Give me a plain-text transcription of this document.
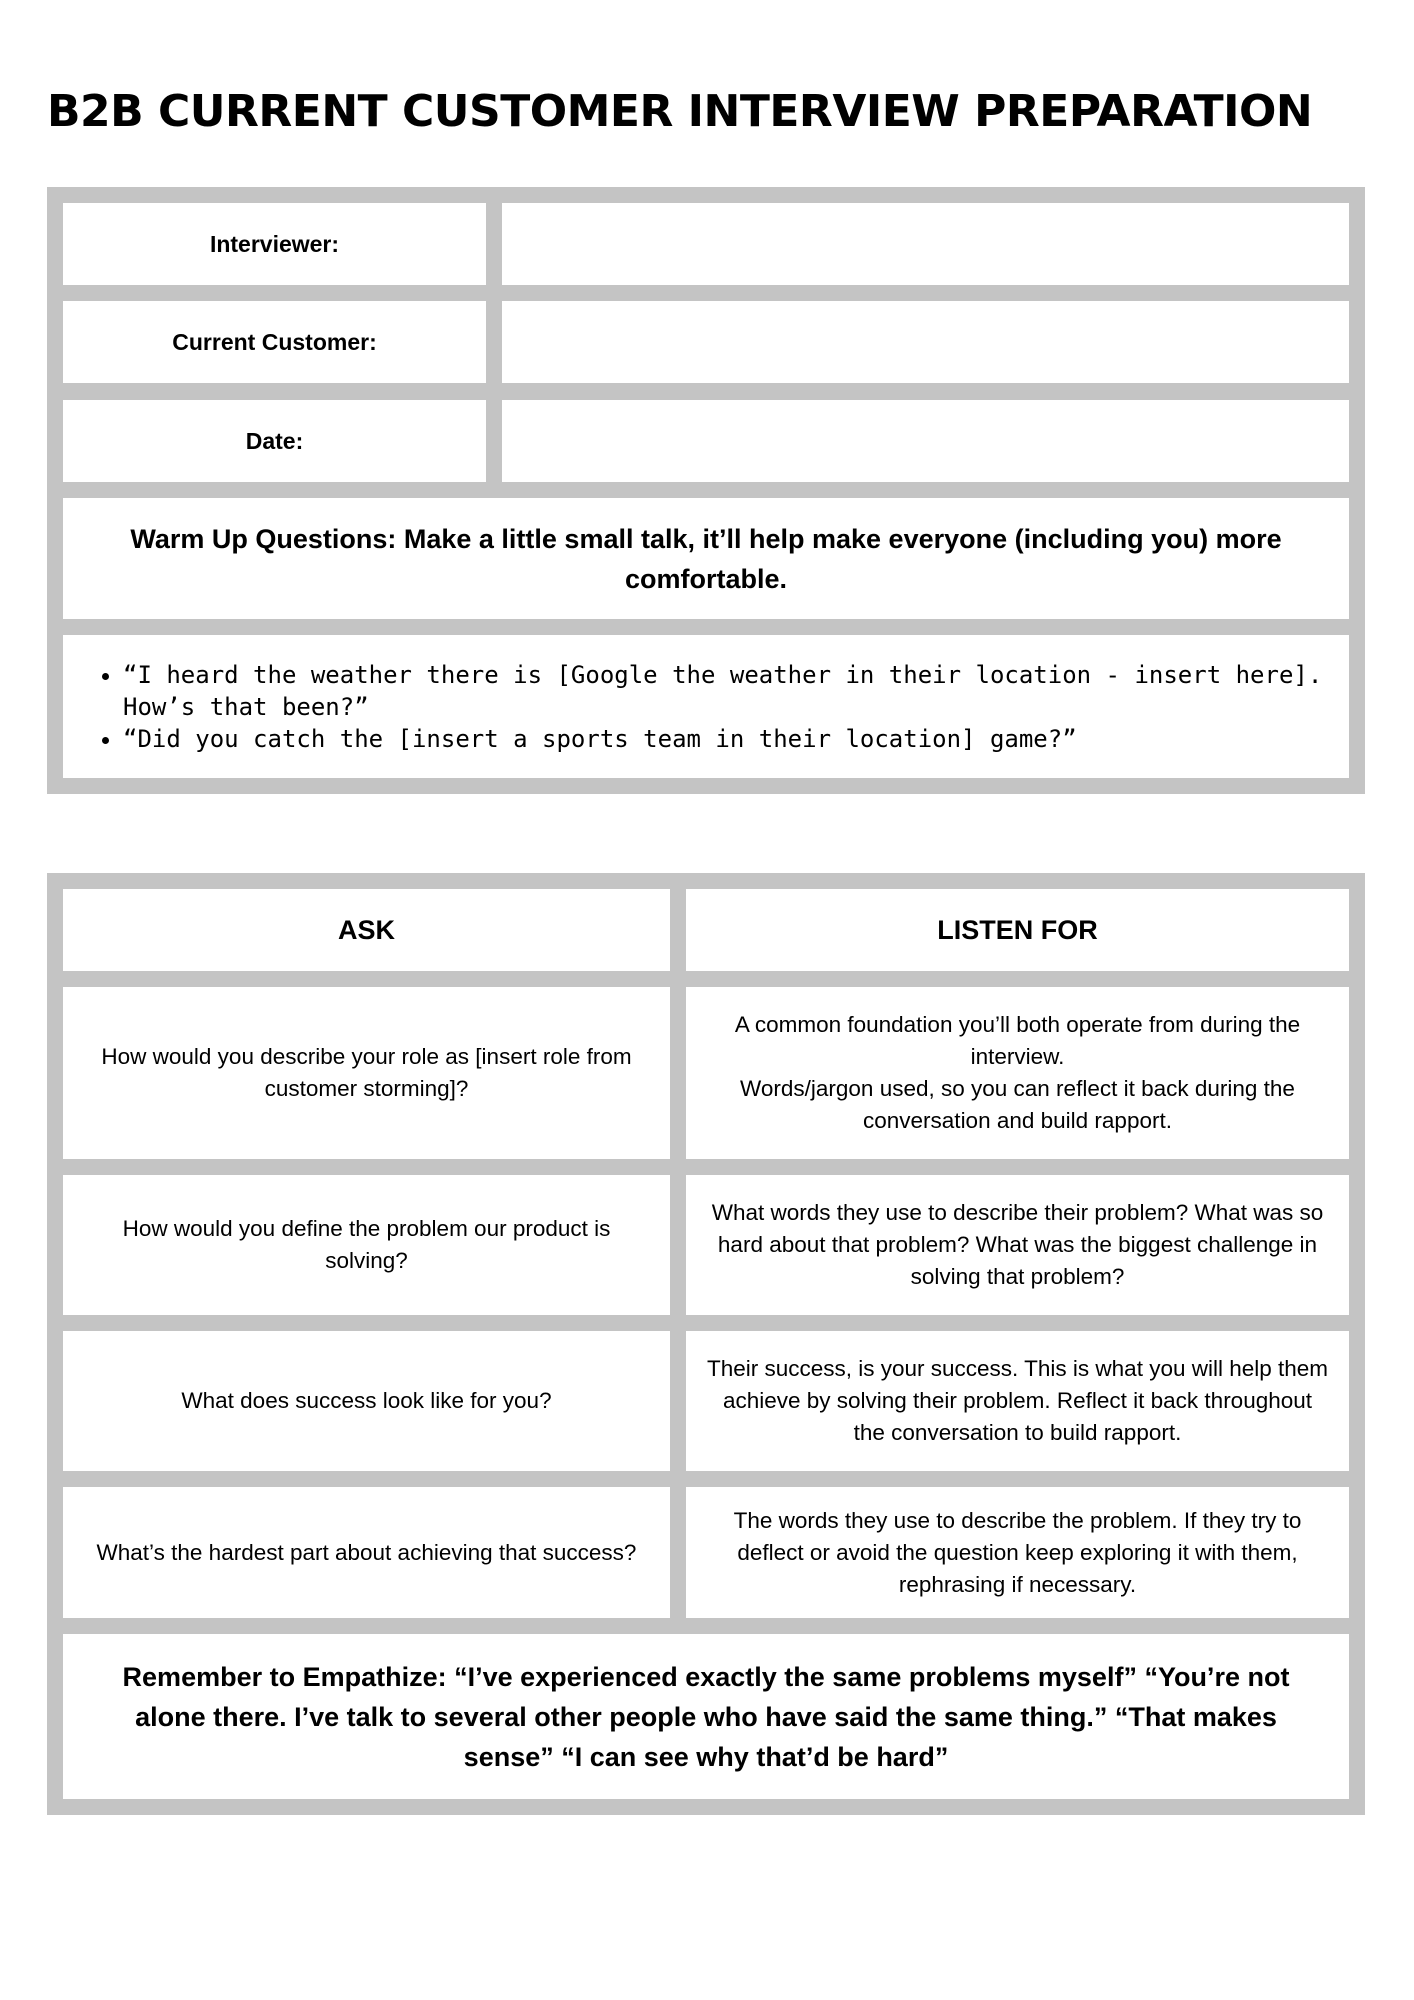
B2B CURRENT CUSTOMER INTERVIEW PREPARATION
Interviewer:
Current Customer:
Date:
Warm Up Questions: Make a little small talk, it’ll help make everyone (including you) more comfortable.
• “I heard the weather there is [Google the weather in their location - insert here]. How’s that been?”
• “Did you catch the [insert a sports team in their location] game?”
ASK	LISTEN FOR
How would you describe your role as [insert role from customer storming]?
A common foundation you’ll both operate from during the interview.
Words/jargon used, so you can reflect it back during the conversation and build rapport.
How would you define the problem our product is solving?
What words they use to describe their problem? What was so hard about that problem? What was the biggest challenge in solving that problem?
What does success look like for you?
Their success, is your success. This is what you will help them achieve by solving their problem. Reflect it back throughout the conversation to build rapport.
What’s the hardest part about achieving that success?
The words they use to describe the problem. If they try to deflect or avoid the question keep exploring it with them, rephrasing if necessary.
Remember to Empathize: “I’ve experienced exactly the same problems myself” “You’re not alone there. I’ve talk to several other people who have said the same thing.” “That makes sense” “I can see why that’d be hard”
